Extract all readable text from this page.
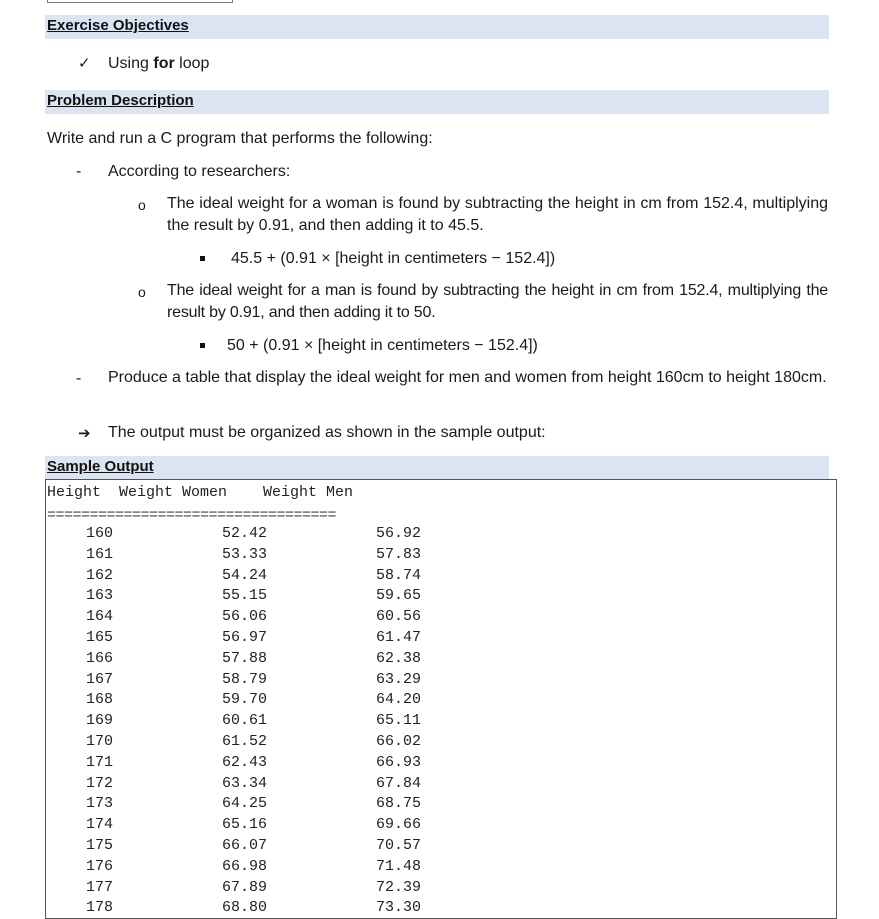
Exercise Objectives
✓ Using for loop
Problem Description
Write and run a C program that performs the following:
- According to researchers:
o The ideal weight for a woman is found by subtracting the height in cm from 152.4, multiplying the result by 0.91, and then adding it to 45.5.
45.5 + (0.91 × [height in centimeters − 152.4])
o The ideal weight for a man is found by subtracting the height in cm from 152.4, multiplying the result by 0.91, and then adding it to 50.
50 + (0.91 × [height in centimeters − 152.4])
- Produce a table that display the ideal weight for men and women from height 160cm to height 180cm.
➔ The output must be organized as shown in the sample output:
Sample Output
Height  Weight Women    Weight Men
==================================
160	52.42	56.92
161	53.33	57.83
162	54.24	58.74
163	55.15	59.65
164	56.06	60.56
165	56.97	61.47
166	57.88	62.38
167	58.79	63.29
168	59.70	64.20
169	60.61	65.11
170	61.52	66.02
171	62.43	66.93
172	63.34	67.84
173	64.25	68.75
174	65.16	69.66
175	66.07	70.57
176	66.98	71.48
177	67.89	72.39
178	68.80	73.30
